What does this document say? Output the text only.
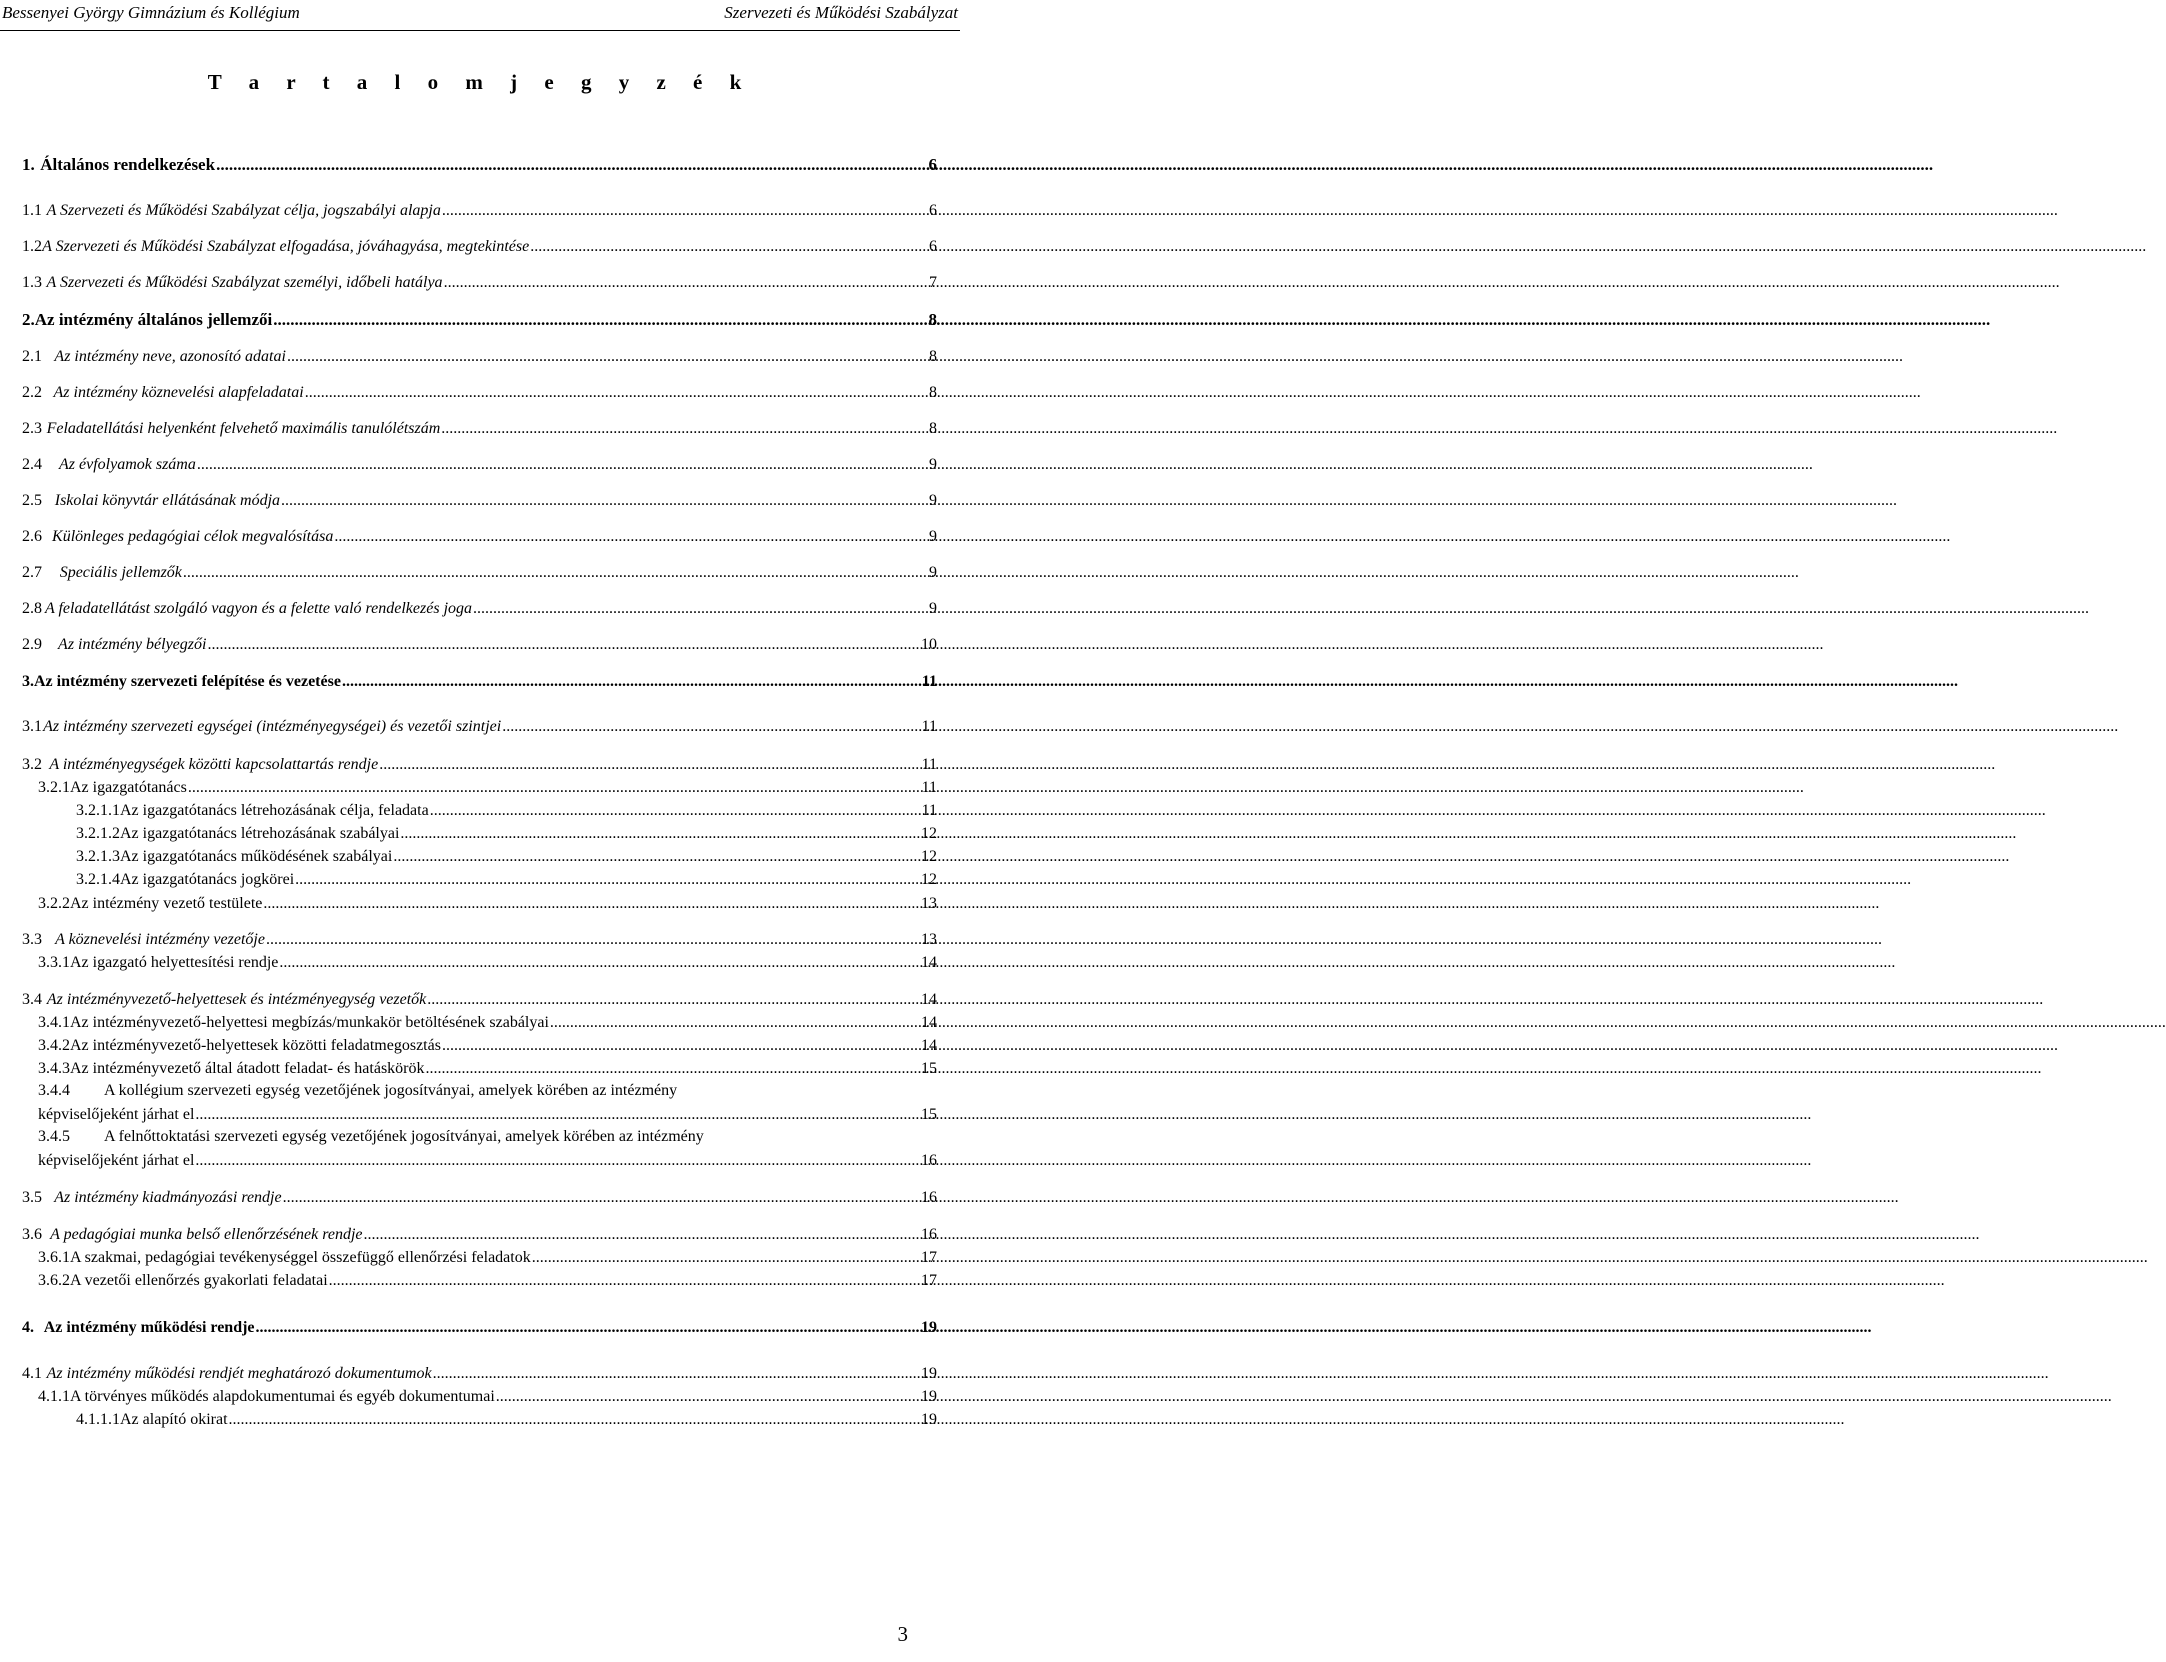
Bessenyei György Gimnázium és Kollégium	Szervezeti és Működési Szabályzat
T a r t a l o m j e g y z é k
1. Általános rendelkezések .....	6
1.1 A Szervezeti és Működési Szabályzat célja, jogszabályi alapja .....	6
1.2 A Szervezeti és Működési Szabályzat elfogadása, jóváhagyása, megtekintése .....	6
1.3 A Szervezeti és Működési Szabályzat személyi, időbeli hatálya .....	7
2. Az intézmény általános jellemzői .....	8
2.1 Az intézmény neve, azonosító adatai .....	8
2.2 Az intézmény köznevelési alapfeladatai .....	8
2.3 Feladatellátási helyenként felvehető maximális tanulólétszám .....	8
2.4	Az évfolyamok száma .....	9
2.5 Iskolai könyvtár ellátásának módja .....	9
2.6 Különleges pedagógiai célok megvalósítása .....	9
2.7	Speciális jellemzők .....	9
2.8 A feladatellátást szolgáló vagyon és a felette való rendelkezés joga .....	9
2.9	Az intézmény bélyegzői .....	10
3. Az intézmény szervezeti felépítése és vezetése .....	11
3.1 Az intézmény szervezeti egységei (intézményegységei) és vezetői szintjei .....	11
3.2 A intézményegységek közötti kapcsolattartás rendje .....	11
3.2.1 Az igazgatótanács .....	11
3.2.1.1 Az igazgatótanács létrehozásának célja, feladata .....	11
3.2.1.2 Az igazgatótanács létrehozásának szabályai .....	12
3.2.1.3 Az igazgatótanács működésének szabályai .....	12
3.2.1.4 Az igazgatótanács jogkörei .....	12
3.2.2 Az intézmény vezető testülete .....	13
3.3 A köznevelési intézmény vezetője .....	13
3.3.1 Az igazgató helyettesítési rendje .....	14
3.4 Az intézményvezető-helyettesek és intézményegység vezetők .....	14
3.4.1 Az intézményvezető-helyettesi megbízás/munkakör betöltésének szabályai .....	14
3.4.2 Az intézményvezető-helyettesek közötti feladatmegosztás .....	14
3.4.3 Az intézményvezető által átadott feladat- és hatáskörök .....	15
3.4.4 A kollégium szervezeti egység vezetőjének jogosítványai, amelyek körében az intézmény
képviselőjeként járhat el .....	15
3.4.5 A felnőttoktatási szervezeti egység vezetőjének jogosítványai, amelyek körében az intézmény
képviselőjeként járhat el .....	16
3.5 Az intézmény kiadmányozási rendje .....	16
3.6 A pedagógiai munka belső ellenőrzésének rendje .....	16
3.6.1 A szakmai, pedagógiai tevékenységgel összefüggő ellenőrzési feladatok .....	17
3.6.2 A vezetői ellenőrzés gyakorlati feladatai .....	17
4. Az intézmény működési rendje .....	19
4.1 Az intézmény működési rendjét meghatározó dokumentumok .....	19
4.1.1 A törvényes működés alapdokumentumai és egyéb dokumentumai .....	19
4.1.1.1 Az alapító okirat .....	19
3
